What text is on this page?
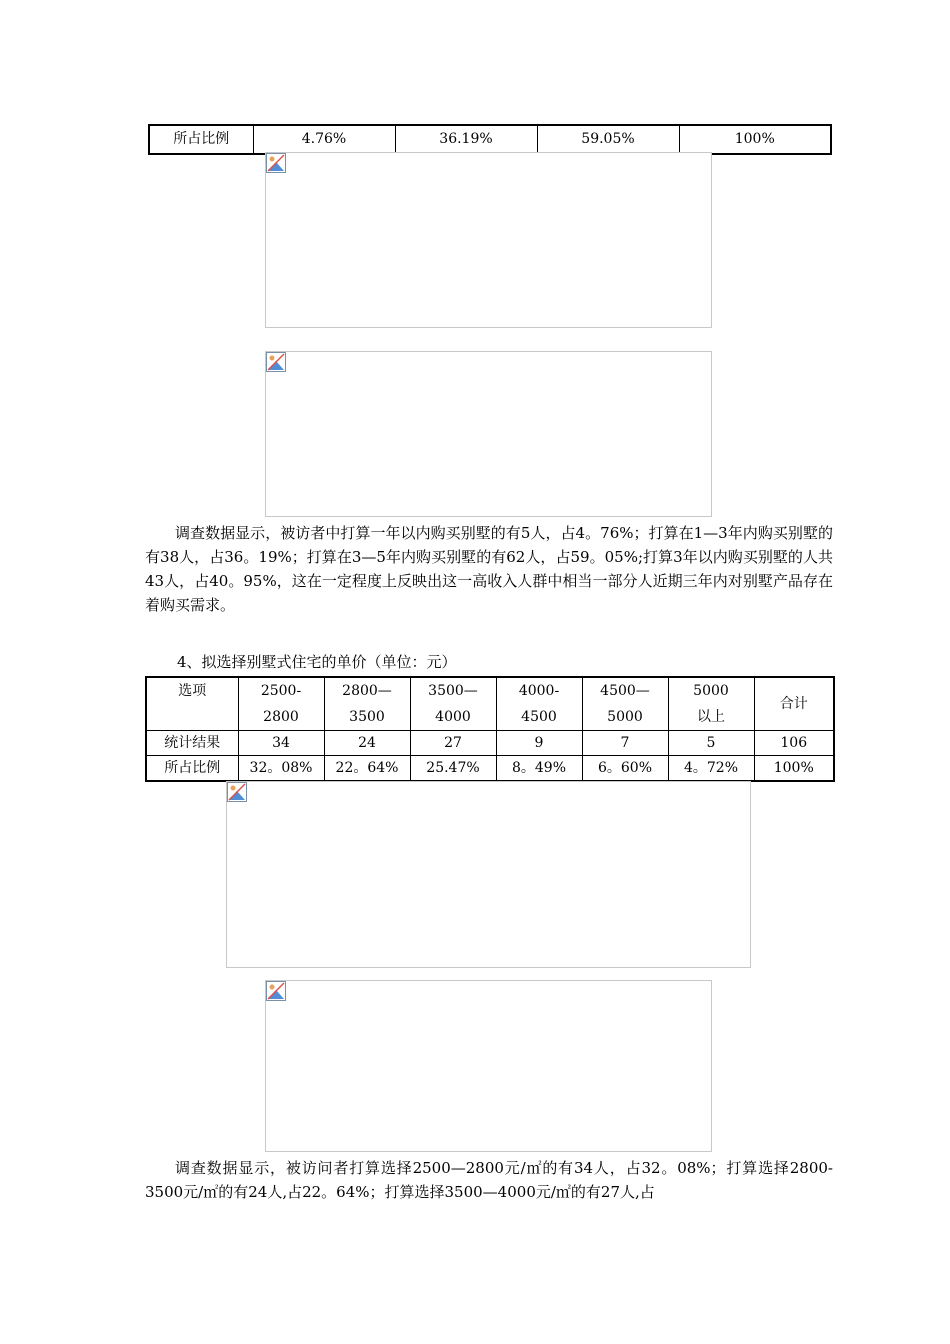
所占比例	4.76%	36.19%	59.05%	100%

调查数据显示，被访者中打算一年以内购买别墅的有5人，占4。76%；打算在1—3年内购买别墅的有38人，占36。19%；打算在3—5年内购买别墅的有62人，占59。05%;打算3年以内购买别墅的人共43人，占40。95%，这在一定程度上反映出这一高收入人群中相当一部分人近期三年内对别墅产品存在着购买需求。

4、拟选择别墅式住宅的单价（单位：元）
选项	2500-2800	2800—3500	3500—4000	4000-4500	4500—5000	5000以上	合计
统计结果	34	24	27	9	7	5	106
所占比例	32。08%	22。64%	25.47%	8。49%	6。60%	4。72%	100%

调查数据显示，被访问者打算选择2500—2800元/㎡的有34人，占32。08%；打算选择2800-3500元/㎡的有24人,占22。64%；打算选择3500—4000元/㎡的有27人,占
